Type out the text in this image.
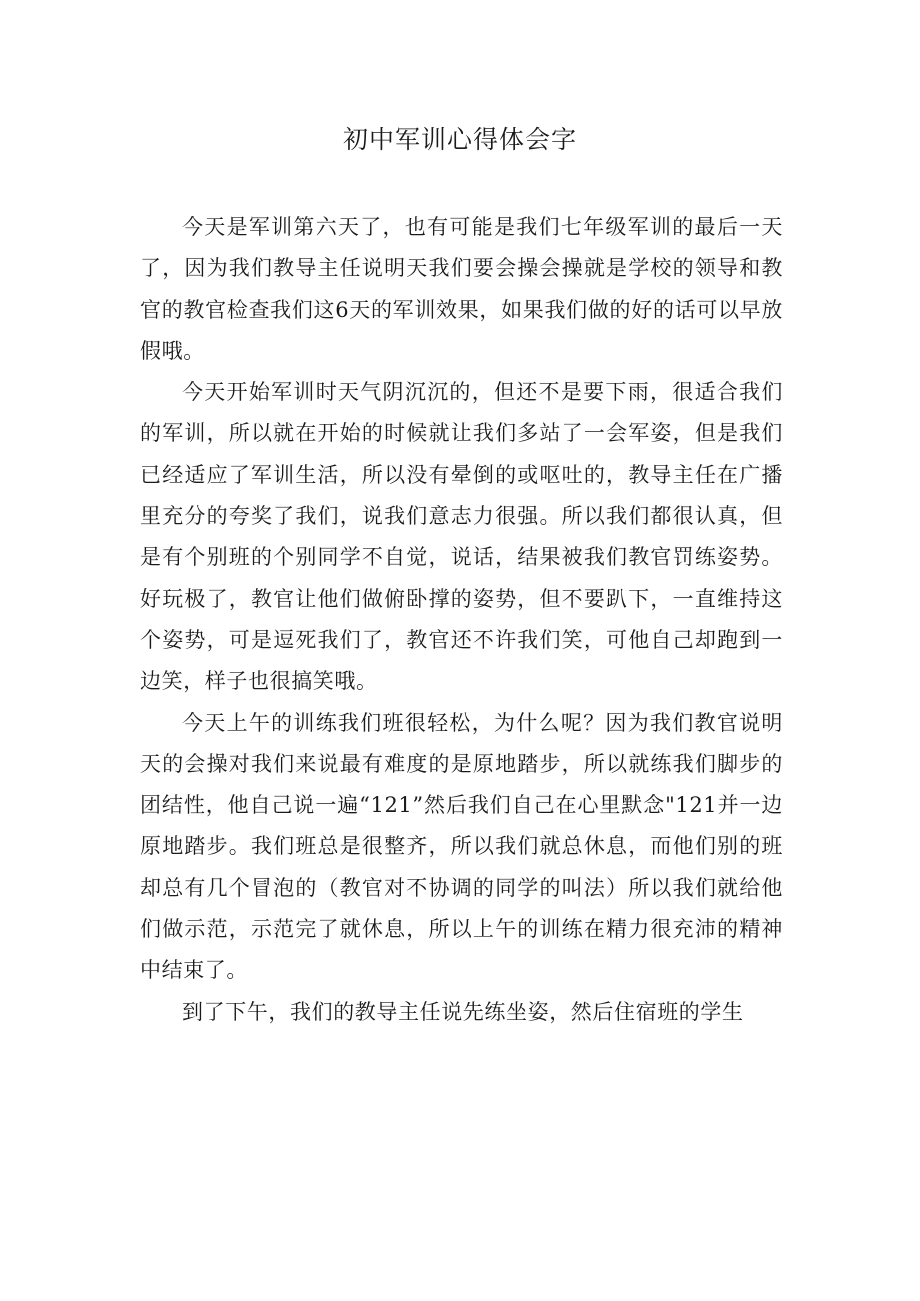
初中军训心得体会字

今天是军训第六天了，也有可能是我们七年级军训的最后一天了，因为我们教导主任说明天我们要会操会操就是学校的领导和教官的教官检查我们这6天的军训效果，如果我们做的好的话可以早放假哦。

今天开始军训时天气阴沉沉的，但还不是要下雨，很适合我们的军训，所以就在开始的时候就让我们多站了一会军姿，但是我们已经适应了军训生活，所以没有晕倒的或呕吐的，教导主任在广播里充分的夸奖了我们，说我们意志力很强。所以我们都很认真，但是有个别班的个别同学不自觉，说话，结果被我们教官罚练姿势。好玩极了，教官让他们做俯卧撑的姿势，但不要趴下，一直维持这个姿势，可是逗死我们了，教官还不许我们笑，可他自己却跑到一边笑，样子也很搞笑哦。

今天上午的训练我们班很轻松，为什么呢？因为我们教官说明天的会操对我们来说最有难度的是原地踏步，所以就练我们脚步的团结性，他自己说一遍“121”然后我们自己在心里默念"121并一边原地踏步。我们班总是很整齐，所以我们就总休息，而他们别的班却总有几个冒泡的（教官对不协调的同学的叫法）所以我们就给他们做示范，示范完了就休息，所以上午的训练在精力很充沛的精神中结束了。

到了下午，我们的教导主任说先练坐姿，然后住宿班的学生
